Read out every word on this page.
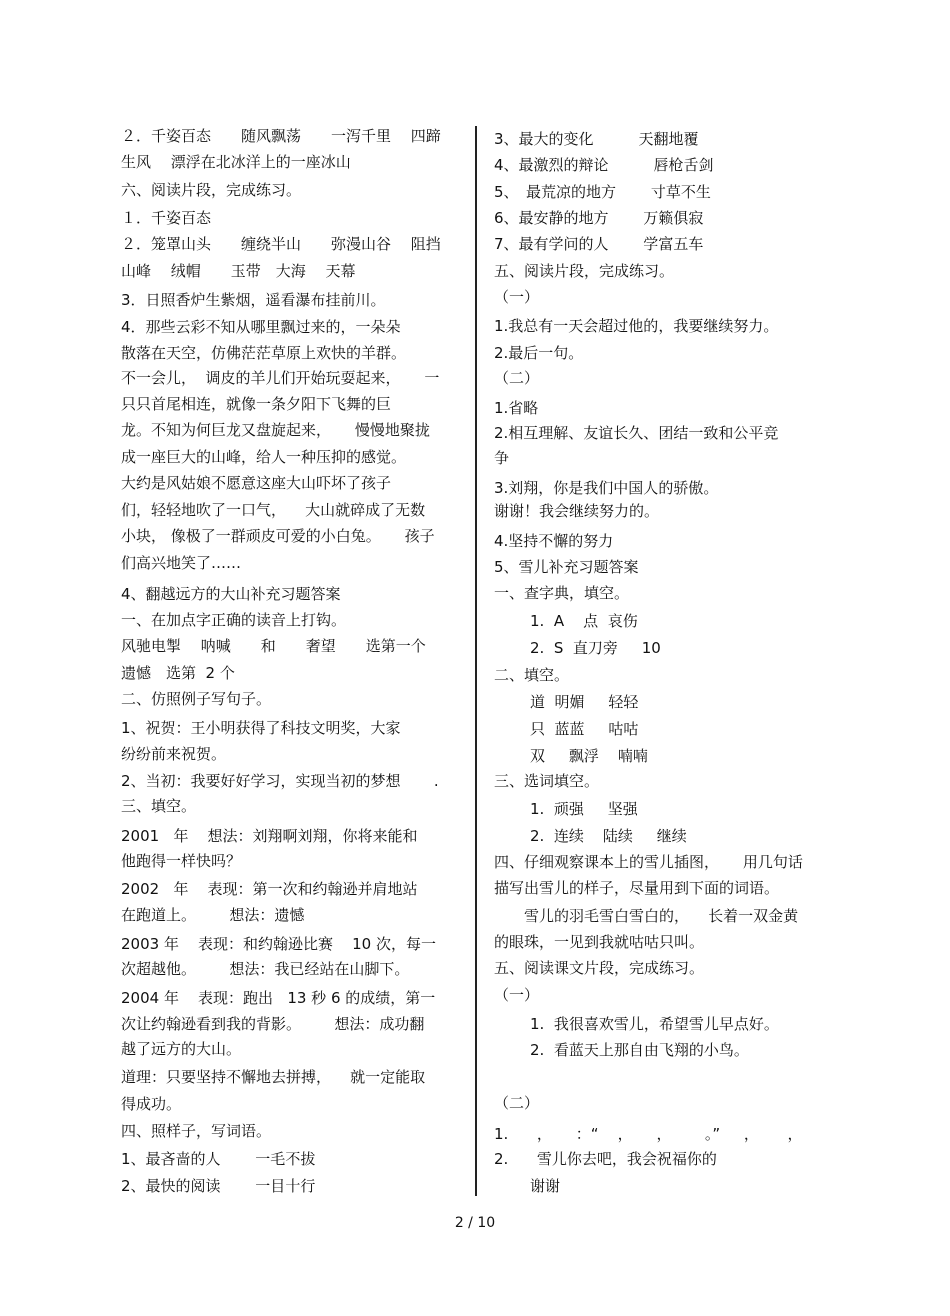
２．千姿百态　　随风飘荡　　一泻千里　 四蹄
生风　 漂浮在北冰洋上的一座冰山
六、阅读片段，完成练习。
１．千姿百态
２．笼罩山头　　缠绕半山　　弥漫山谷　 阻挡
山峰　 绒帽　　玉带　大海　 天幕
3．日照香炉生紫烟，遥看瀑布挂前川。
4．那些云彩不知从哪里飘过来的，一朵朵
散落在天空，仿佛茫茫草原上欢快的羊群。
不一会儿，  调皮的羊儿们开始玩耍起来，     一
只只首尾相连，就像一条夕阳下飞舞的巨
龙。不知为何巨龙又盘旋起来，     慢慢地聚拢
成一座巨大的山峰，给人一种压抑的感觉。
大约是风姑娘不愿意这座大山吓坏了孩子
们，轻轻地吹了一口气，    大山就碎成了无数
小块， 像极了一群顽皮可爱的小白兔。     孩子
们高兴地笑了……
4、翻越远方的大山补充习题答案
一、在加点字正确的读音上打钩。
风驰电掣　 呐喊　　和　　奢望　　选第一个
遗憾　选第  2 个
二、仿照例子写句子。
1、祝贺：王小明获得了科技文明奖，大家
纷纷前来祝贺。
2、当初：我要好好学习，实现当初的梦想       .
三、填空。
2001   年    想法：刘翔啊刘翔，你将来能和
他跑得一样快吗？
2002   年    表现：第一次和约翰逊并肩地站
在跑道上。       想法：遗憾
2003 年    表现：和约翰逊比赛    10 次，每一
次超越他。       想法：我已经站在山脚下。
2004 年    表现：跑出   13 秒 6 的成绩，第一
次让约翰逊看到我的背影。       想法：成功翻
越了远方的大山。
道理：只要坚持不懈地去拼搏，    就一定能取
得成功。
四、照样子，写词语。
1、最吝啬的人　　 一毛不拔
2、最快的阅读　　 一目十行
3、最大的变化　　　天翻地覆
4、最激烈的辩论　　　唇枪舌剑
5、　最荒凉的地方　　 寸草不生
6、最安静的地方　　 万籁俱寂
7、最有学问的人　　 学富五车
五、阅读片段，完成练习。
（一）
1.我总有一天会超过他的，我要继续努力。
2.最后一句。
（二）
1.省略
2.相互理解、友谊长久、团结一致和公平竞
争
3.刘翔，你是我们中国人的骄傲。
谢谢！我会继续努力的。
4.坚持不懈的努力
5、雪儿补充习题答案
一、查字典，填空。
1.  A    点  哀伤
2.  S  直刀旁     10
二、填空。
道  明媚     轻轻
只  蓝蓝     咕咕
双     飘浮    喃喃
三、选词填空。
1.  顽强     坚强
2.  连续    陆续     继续
四、仔细观察课本上的雪儿插图，     用几句话
描写出雪儿的样子，尽量用到下面的词语。
雪儿的羽毛雪白雪白的，    长着一双金黄
的眼珠，一见到我就咕咕只叫。
五、阅读课文片段，完成练习。
（一）
1.  我很喜欢雪儿，希望雪儿早点好。
2.  看蓝天上那自由飞翔的小鸟。
（二）
1.      ，     ：“    ，     ，       。”     ，      ，
2.      雪儿你去吧，我会祝福你的
谢谢
2 / 10
